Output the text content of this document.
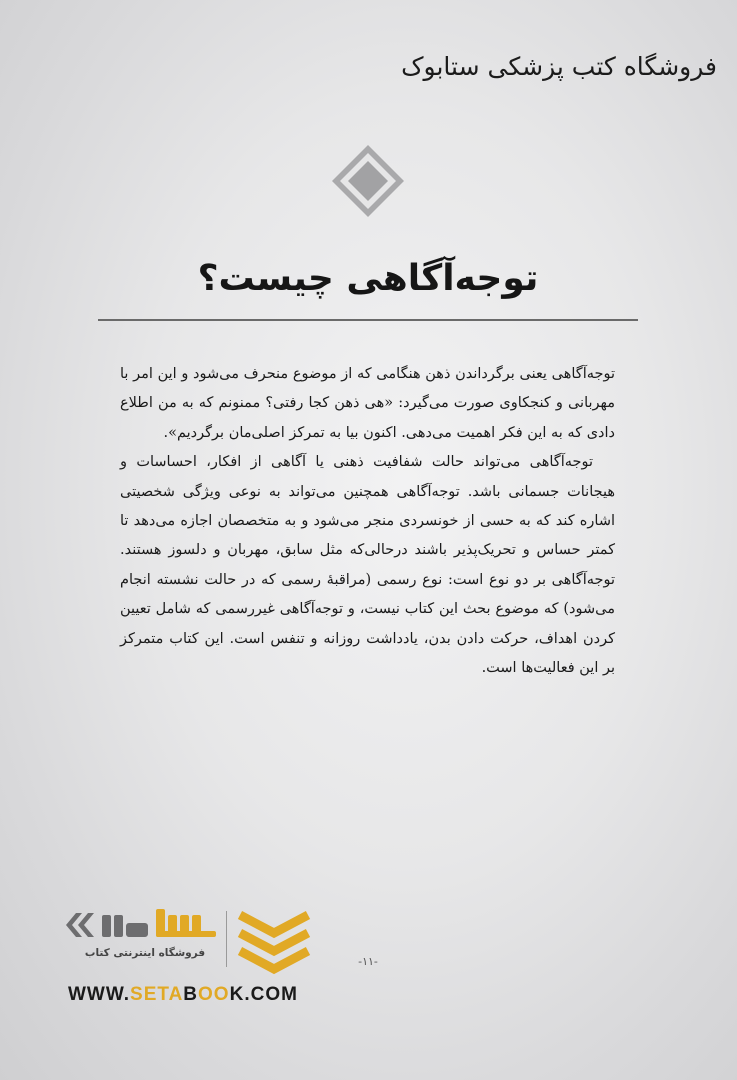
فروشگاه کتب پزشکی ستابوک
توجه‌آگاهی چیست؟

توجه‌آگاهی یعنی برگرداندن ذهن هنگامی که از موضوع منحرف می‌شود و این امر با مهربانی و کنجکاوی صورت می‌گیرد: «هی ذهن کجا رفتی؟ ممنونم که به من اطلاع دادی که به این فکر اهمیت می‌دهی. اکنون بیا به تمرکز اصلی‌مان برگردیم».

توجه‌آگاهی می‌تواند حالت شفافیت ذهنی یا آگاهی از افکار، احساسات و هیجانات جسمانی باشد. توجه‌آگاهی همچنین می‌تواند به نوعی ویژگی شخصیتی اشاره کند که به حسی از خونسردی منجر می‌شود و به متخصصان اجازه می‌دهد تا کمتر حساس و تحریک‌پذیر باشند درحالی‌که مثل سابق، مهربان و دلسوز هستند. توجه‌آگاهی بر دو نوع است: نوع رسمی (مراقبهٔ رسمی که در حالت نشسته انجام می‌شود) که موضوع بحث این کتاب نیست، و توجه‌آگاهی غیررسمی که شامل تعیین کردن اهداف، حرکت دادن بدن، یادداشت روزانه و تنفس است. این کتاب متمرکز بر این فعالیت‌ها است.

فروشگاه اینترنتی کتاب
-۱۱-
WWW.SETABOOK.COM
